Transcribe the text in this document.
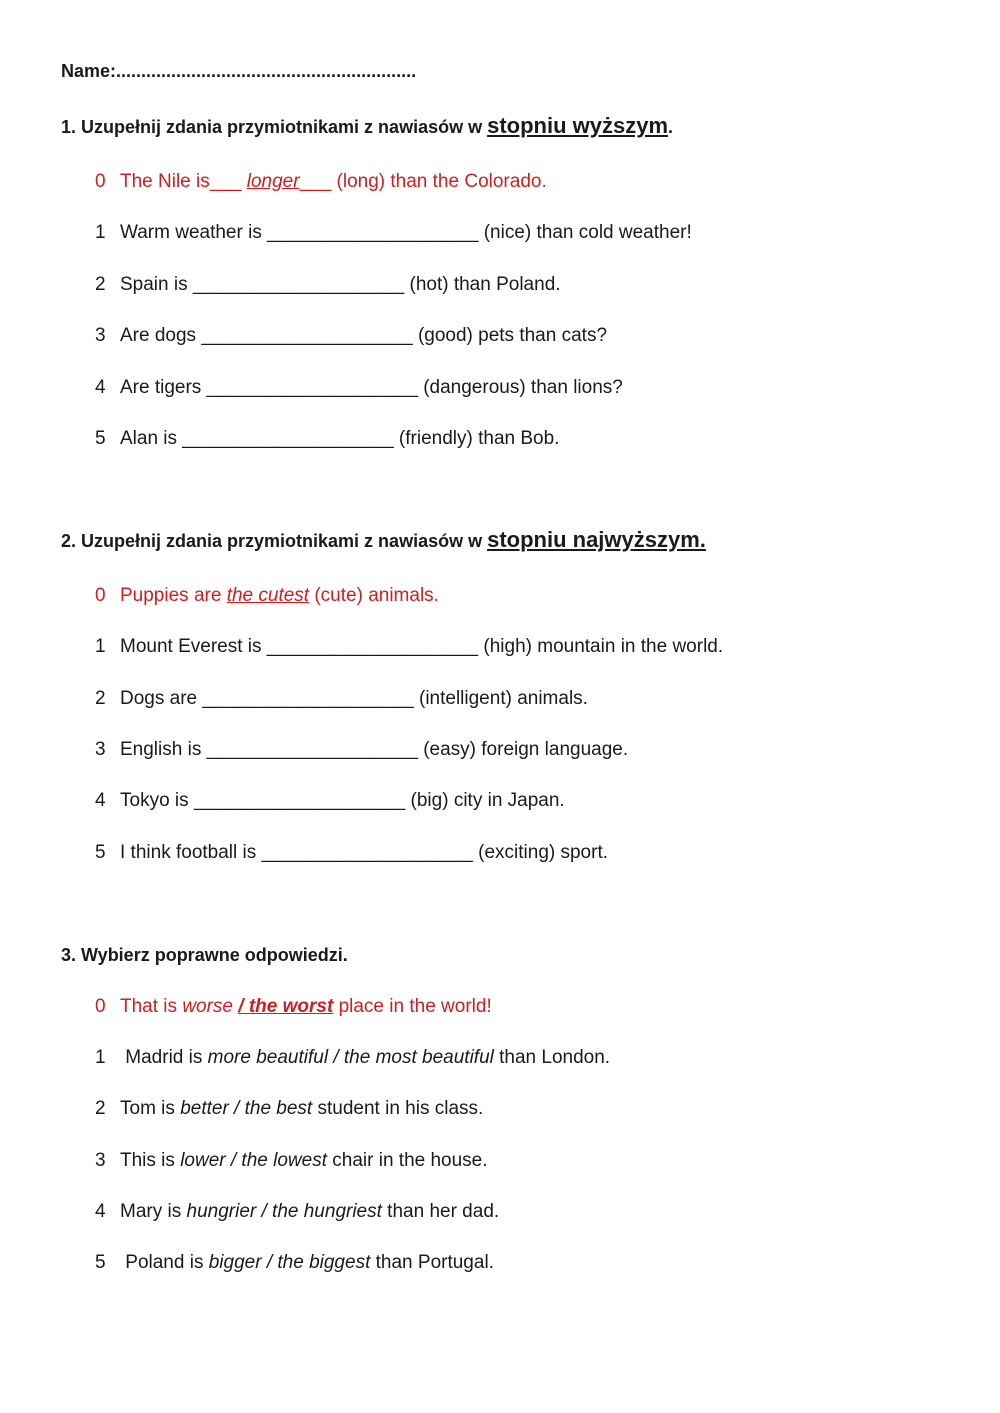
Name:............................................................
1. Uzupełnij zdania przymiotnikami z nawiasów w stopniu wyższym.
0 The Nile is___ longer___ (long) than the Colorado.
1 Warm weather is ____________________ (nice) than cold weather!
2 Spain is ____________________ (hot) than Poland.
3 Are dogs ____________________ (good) pets than cats?
4 Are tigers ____________________ (dangerous) than lions?
5 Alan is ____________________ (friendly) than Bob.
2. Uzupełnij zdania przymiotnikami z nawiasów w stopniu najwyższym.
0 Puppies are the cutest (cute) animals.
1 Mount Everest is ____________________ (high) mountain in the world.
2 Dogs are ____________________ (intelligent) animals.
3 English is ____________________ (easy) foreign language.
4 Tokyo is ____________________ (big) city in Japan.
5 I think football is ____________________ (exciting) sport.
3. Wybierz poprawne odpowiedzi.
0 That is worse / the worst place in the world!
1 Madrid is more beautiful / the most beautiful than London.
2 Tom is better / the best student in his class.
3 This is lower / the lowest chair in the house.
4 Mary is hungrier / the hungriest than her dad.
5 Poland is bigger / the biggest than Portugal.
